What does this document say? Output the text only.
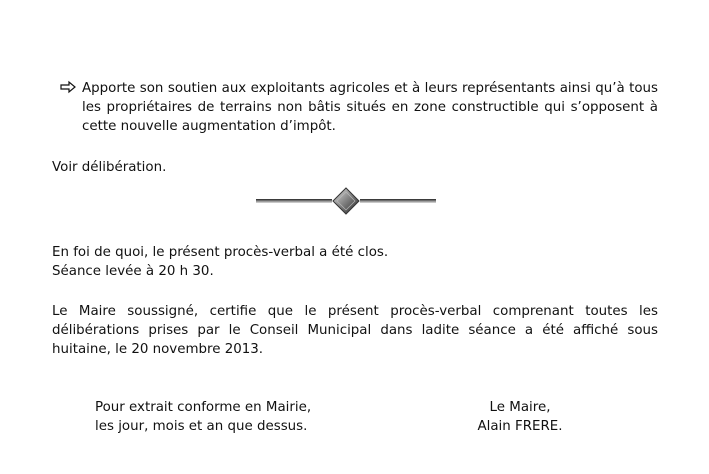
Apporte son soutien aux exploitants agricoles et à leurs représentants ainsi qu’à tous les propriétaires de terrains non bâtis situés en zone constructible qui s’opposent à cette nouvelle augmentation d’impôt.
Voir délibération.
En foi de quoi, le présent procès-verbal a été clos.
Séance levée à 20 h 30.
Le Maire soussigné, certifie que le présent procès-verbal comprenant toutes les délibérations prises par le Conseil Municipal dans ladite séance a été affiché sous huitaine, le 20 novembre 2013.
Pour extrait conforme en Mairie,
les jour, mois et an que dessus.
Le Maire,
Alain FRERE.
